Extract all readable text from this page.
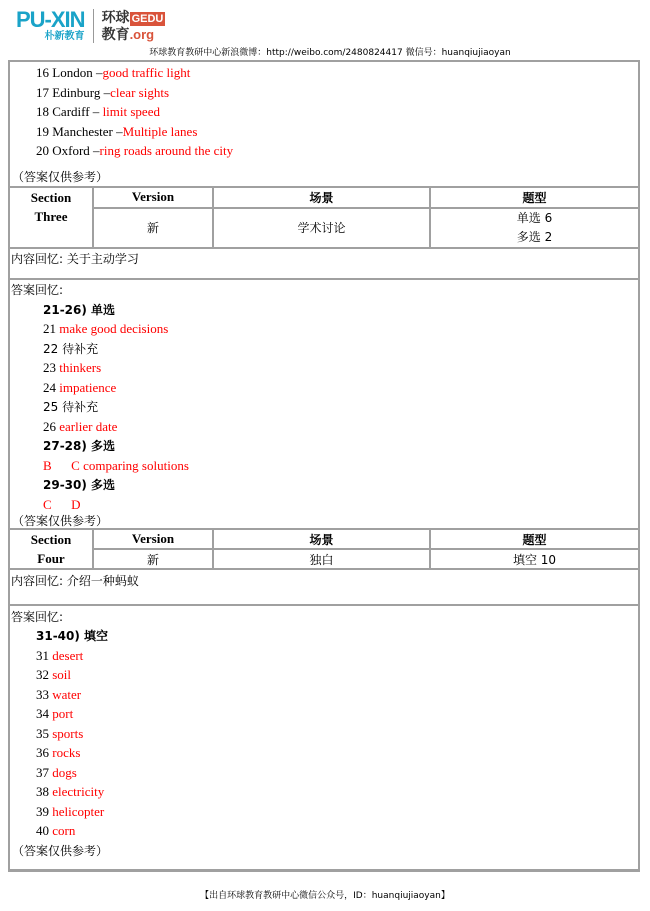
PU-XIN
朴新教育
环球 GEDU
教育.org
环球教育教研中心新浪微博：http://weibo.com/2480824417 微信号：huanqiujiaoyan
16 London –good traffic light
17 Edinburg –clear sights
18 Cardiff – limit speed
19 Manchester –Multiple lanes
20 Oxford –ring roads around the city
（答案仅供参考）
Section
Three	Version	场景	题型
	新	学术讨论	单选 6
多选 2
内容回忆: 关于主动学习
答案回忆:
21-26) 单选
21 make good decisions
22 待补充
23 thinkers
24 impatience
25 待补充
26 earlier date
27-28) 多选
B      C comparing solutions
29-30) 多选
C      D
（答案仅供参考）
Section
Four	Version	场景	题型
	新	独白	填空 10
内容回忆: 介绍一种蚂蚁
答案回忆:
31-40) 填空
31 desert
32 soil
33 water
34 port
35 sports
36 rocks
37 dogs
38 electricity
39 helicopter
40 corn
（答案仅供参考）
【出自环球教育教研中心微信公众号，ID：huanqiujiaoyan】
